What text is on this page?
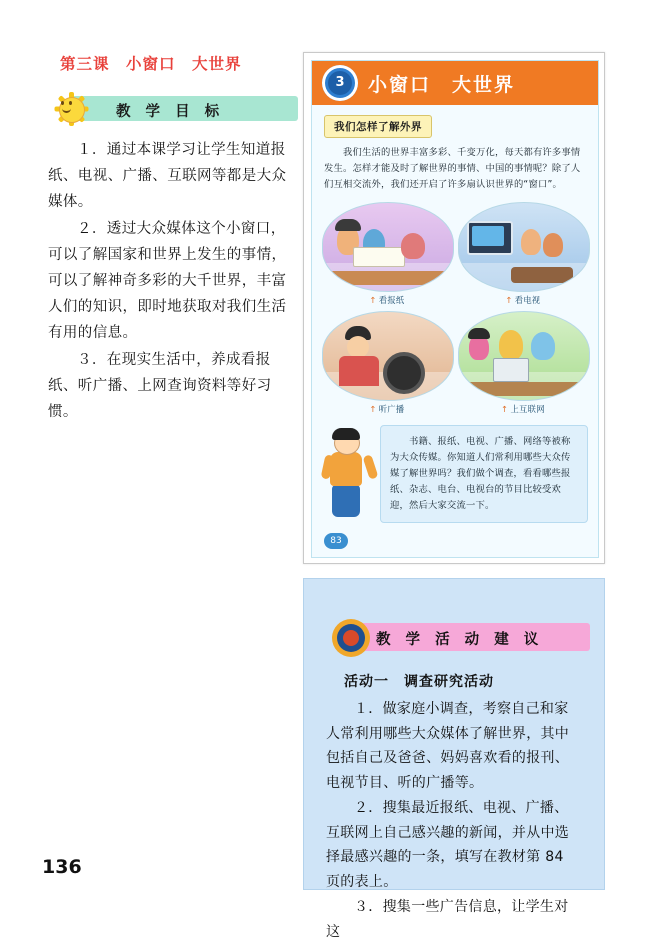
第三课　小窗口　大世界
教 学 目 标

１．通过本课学习让学生知道报纸、电视、广播、互联网等都是大众媒体。

２．透过大众媒体这个小窗口，可以了解国家和世界上发生的事情，可以了解神奇多彩的大千世界，丰富人们的知识，即时地获取对我们生活有用的信息。

３．在现实生活中，养成看报纸、听广播、上网查询资料等好习惯。

3	小窗口　大世界
我们怎样了解外界
我们生活的世界丰富多彩、千变万化，每天都有许多事情发生。怎样才能及时了解世界的事情、中国的事情呢？除了人们互相交流外，我们还开启了许多扇认识世界的“窗口”。
↑ 看报纸	↑ 看电视
↑ 听广播	↑ 上互联网
书籍、报纸、电视、广播、网络等被称为大众传媒。你知道人们常利用哪些大众传媒了解世界吗？我们做个调查，看看哪些报纸、杂志、电台、电视台的节目比较受欢迎，然后大家交流一下。
83
教 学 活 动 建 议
活动一　调查研究活动

１．做家庭小调查，考察自己和家人常利用哪些大众媒体了解世界，其中包括自己及爸爸、妈妈喜欢看的报刊、电视节目、听的广播等。

２．搜集最近报纸、电视、广播、互联网上自己感兴趣的新闻，并从中选择最感兴趣的一条，填写在教材第 84 页的表上。

３．搜集一些广告信息，让学生对这

136
